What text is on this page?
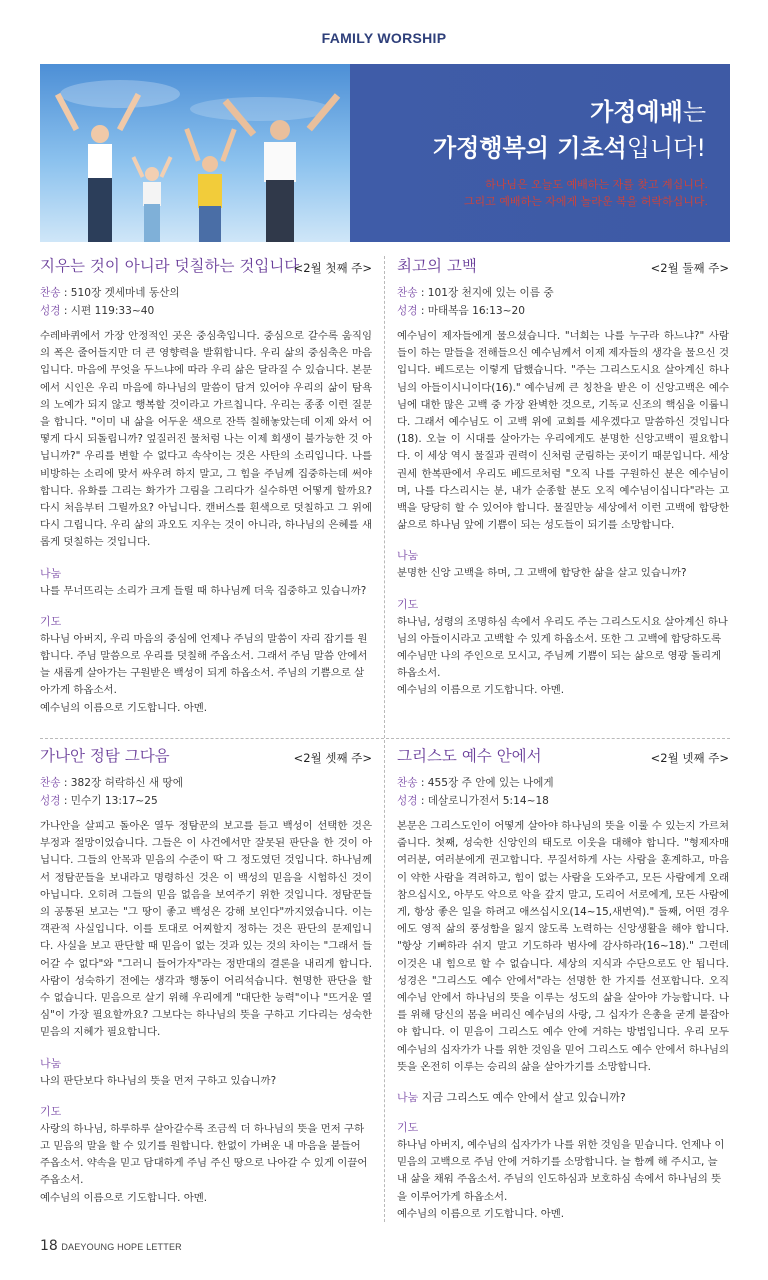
FAMILY WORSHIP
가정예배는
가정행복의 기초석입니다!
하나님은 오늘도 예배하는 자를 찾고 계십니다.
그리고 예배하는 자에게 놀라운 복을 허락하십니다.
지우는 것이 아니라 덧칠하는 것입니다
<2월 첫째 주>
찬송 : 510장 겟세마네 동산의
성경 : 시편 119:33~40
수레바퀴에서 가장 안정적인 곳은 중심축입니다. 중심으로 갈수록 움직임의 폭은 줄어들지만 더 큰 영향력을 발휘합니다. 우리 삶의 중심축은 마음입니다. 마음에 무엇을 두느냐에 따라 우리 삶은 달라질 수 있습니다. 본문에서 시인은 우리 마음에 하나님의 말씀이 담겨 있어야 우리의 삶이 탐욕의 노예가 되지 않고 행복할 것이라고 가르칩니다. 우리는 종종 이런 질문을 합니다. "이미 내 삶을 어두운 색으로 잔뜩 칠해놓았는데 이제 와서 어떻게 다시 되돌립니까? 엎질러진 물처럼 나는 이제 회생이 불가능한 것 아닙니까?" 우리를 변할 수 없다고 속삭이는 것은 사탄의 소리입니다. 나를 비방하는 소리에 맞서 싸우려 하지 말고, 그 힘을 주님께 집중하는데 써야 합니다. 유화를 그리는 화가가 그림을 그리다가 실수하면 어떻게 할까요? 다시 처음부터 그릴까요? 아닙니다. 캔버스를 흰색으로 덧칠하고 그 위에 다시 그립니다. 우리 삶의 과오도 지우는 것이 아니라, 하나님의 은혜를 새롭게 덧칠하는 것입니다.
나눔
나를 무너뜨리는 소리가 크게 들릴 때 하나님께 더욱 집중하고 있습니까?
기도
하나님 아버지, 우리 마음의 중심에 언제나 주님의 말씀이 자리 잡기를 원합니다. 주님 말씀으로 우리를 덧칠해 주옵소서. 그래서 주님 말씀 안에서 늘 새롭게 살아가는 구원받은 백성이 되게 하옵소서. 주님의 기쁨으로 살아가게 하옵소서.
예수님의 이름으로 기도합니다. 아멘.
최고의 고백	<2월 둘째 주>
찬송 : 101장 천지에 있는 이름 중
성경 : 마태복음 16:13~20
예수님이 제자들에게 물으셨습니다. "너희는 나를 누구라 하느냐?" 사람들이 하는 말들을 전해들으신 예수님께서 이제 제자들의 생각을 물으신 것입니다. 베드로는 이렇게 답했습니다. "주는 그리스도시요 살아계신 하나님의 아들이시니이다(16)." 예수님께 큰 칭찬을 받은 이 신앙고백은 예수님에 대한 많은 고백 중 가장 완벽한 것으로, 기독교 신조의 핵심을 이룹니다. 그래서 예수님도 이 고백 위에 교회를 세우겠다고 말씀하신 것입니다(18). 오늘 이 시대를 살아가는 우리에게도 분명한 신앙고백이 필요합니다. 이 세상 역시 물질과 권력이 신처럼 군림하는 곳이기 때문입니다. 세상 권세 한복판에서 우리도 베드로처럼 "오직 나를 구원하신 분은 예수님이며, 나를 다스리시는 분, 내가 순종할 분도 오직 예수님이십니다"라는 고백을 당당히 할 수 있어야 합니다. 물질만능 세상에서 이런 고백에 합당한 삶으로 하나님 앞에 기쁨이 되는 성도들이 되기를 소망합니다.
나눔
분명한 신앙 고백을 하며, 그 고백에 합당한 삶을 살고 있습니까?
기도
하나님, 성령의 조명하심 속에서 우리도 주는 그리스도시요 살아계신 하나님의 아들이시라고 고백할 수 있게 하옵소서. 또한 그 고백에 합당하도록 예수님만 나의 주인으로 모시고, 주님께 기쁨이 되는 삶으로 영광 돌리게 하옵소서.
예수님의 이름으로 기도합니다. 아멘.
가나안 정탐 그다음	<2월 셋째 주>
찬송 : 382장 허락하신 새 땅에
성경 : 민수기 13:17~25
가나안을 살피고 돌아온 열두 정탐꾼의 보고를 듣고 백성이 선택한 것은 부정과 절망이었습니다. 그들은 이 사건에서만 잘못된 판단을 한 것이 아닙니다. 그들의 안목과 믿음의 수준이 딱 그 정도였던 것입니다. 하나님께서 정탐꾼들을 보내라고 명령하신 것은 이 백성의 믿음을 시험하신 것이 아닙니다. 오히려 그들의 믿음 없음을 보여주기 위한 것입니다. 정탐꾼들의 공통된 보고는 "그 땅이 좋고 백성은 강해 보인다"까지였습니다. 이는 객관적 사실입니다. 이를 토대로 어찌할지 정하는 것은 판단의 문제입니다. 사실을 보고 판단할 때 믿음이 없는 것과 있는 것의 차이는 "그래서 들어갈 수 없다"와 "그러니 들어가자"라는 정반대의 결론을 내리게 합니다. 사람이 성숙하기 전에는 생각과 행동이 어리석습니다. 현명한 판단을 할 수 없습니다. 믿음으로 살기 위해 우리에게 "대단한 능력"이나 "뜨거운 열심"이 가장 필요할까요? 그보다는 하나님의 뜻을 구하고 기다리는 성숙한 믿음의 지혜가 필요합니다.
나눔
나의 판단보다 하나님의 뜻을 먼저 구하고 있습니까?
기도
사랑의 하나님, 하루하루 살아갈수록 조금씩 더 하나님의 뜻을 먼저 구하고 믿음의 말을 할 수 있기를 원합니다. 한없이 가벼운 내 마음을 붙들어 주옵소서. 약속을 믿고 담대하게 주님 주신 땅으로 나아갈 수 있게 이끌어 주옵소서.
예수님의 이름으로 기도합니다. 아멘.
그리스도 예수 안에서	<2월 넷째 주>
찬송 : 455장 주 안에 있는 나에게
성경 : 데살로니가전서 5:14~18
본문은 그리스도인이 어떻게 살아야 하나님의 뜻을 이룰 수 있는지 가르쳐줍니다. 첫째, 성숙한 신앙인의 태도로 이웃을 대해야 합니다. "형제자매 여러분, 여러분에게 권고합니다. 무질서하게 사는 사람을 훈계하고, 마음이 약한 사람을 격려하고, 힘이 없는 사람을 도와주고, 모든 사람에게 오래 참으십시오, 아무도 악으로 악을 갚지 말고, 도리어 서로에게, 모든 사람에게, 항상 좋은 일을 하려고 애쓰십시오(14~15,새번역)." 둘째, 어떤 경우에도 영적 삶의 풍성함을 잃지 않도록 노력하는 신앙생활을 해야 합니다. "항상 기뻐하라 쉬지 말고 기도하라 범사에 감사하라(16~18)." 그런데 이것은 내 힘으로 할 수 없습니다. 세상의 지식과 수단으로도 안 됩니다. 성경은 "그리스도 예수 안에서"라는 선명한 한 가지를 선포합니다. 오직 예수님 안에서 하나님의 뜻을 이루는 성도의 삶을 살아야 가능합니다. 나를 위해 당신의 몸을 버리신 예수님의 사랑, 그 십자가 은총을 굳게 붙잡아야 합니다. 이 믿음이 그리스도 예수 안에 거하는 방법입니다. 우리 모두 예수님의 십자가가 나를 위한 것임을 믿어 그리스도 예수 안에서 하나님의 뜻을 온전히 이루는 승리의 삶을 살아가기를 소망합니다.
나눔 지금 그리스도 예수 안에서 살고 있습니까?
기도
하나님 아버지, 예수님의 십자가가 나를 위한 것임을 믿습니다. 언제나 이 믿음의 고백으로 주님 안에 거하기를 소망합니다. 늘 함께 해 주시고, 늘 내 삶을 채워 주옵소서. 주님의 인도하심과 보호하심 속에서 하나님의 뜻을 이루어가게 하옵소서.
예수님의 이름으로 기도합니다. 아멘.
18 DAEYOUNG HOPE LETTER
